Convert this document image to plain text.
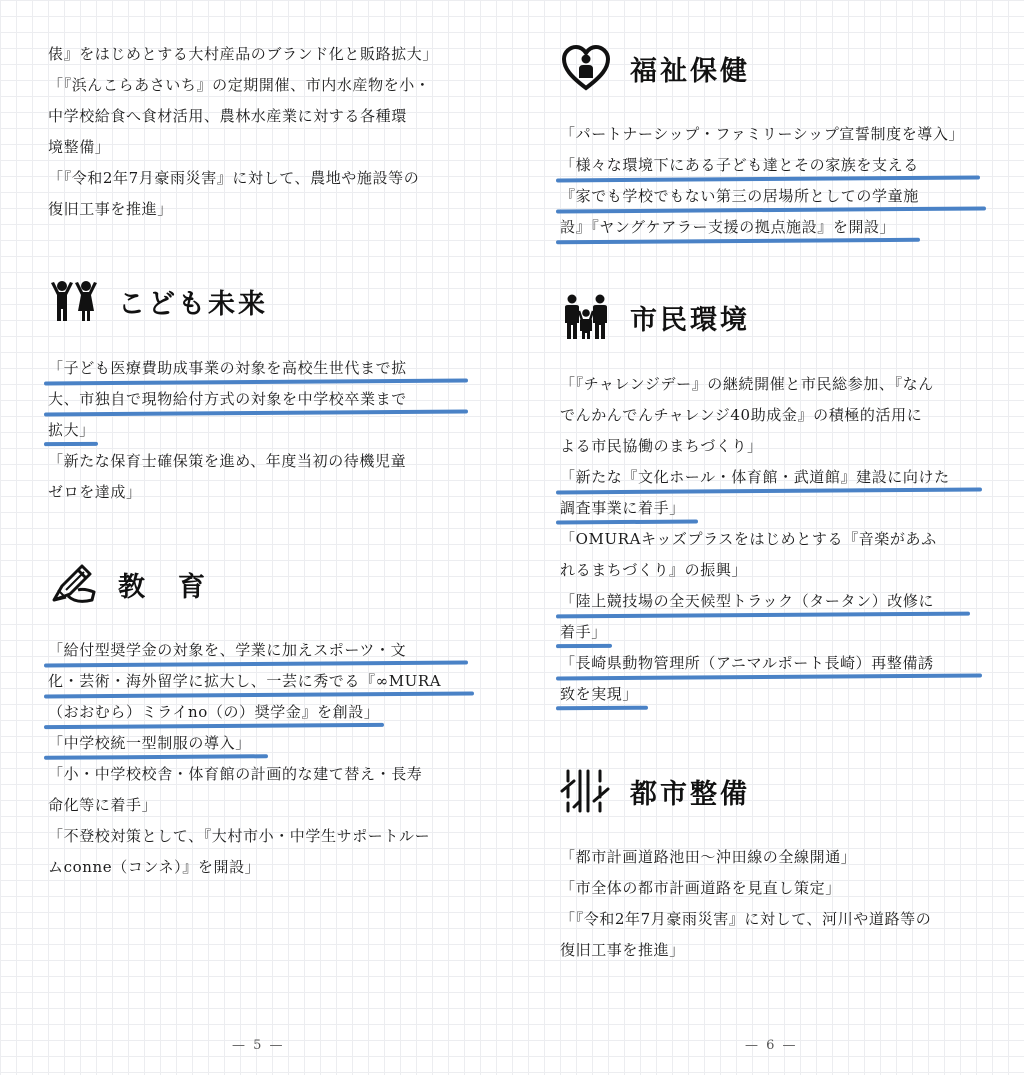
俵』をはじめとする大村産品のブランド化と販路拡大」
「『浜んこらあさいち』の定期開催、市内水産物を小・
中学校給食へ食材活用、農林水産業に対する各種環
境整備」
「『令和2年7月豪雨災害』に対して、農地や施設等の
復旧工事を推進」
こども未来
「子ども医療費助成事業の対象を高校生世代まで拡
大、市独自で現物給付方式の対象を中学校卒業まで
拡大」
「新たな保育士確保策を進め、年度当初の待機児童
ゼロを達成」
教　育
「給付型奨学金の対象を、学業に加えスポーツ・文
化・芸術・海外留学に拡大し、一芸に秀でる『∞MURA
（おおむら）ミライno（の）奨学金』を創設」
「中学校統一型制服の導入」
「小・中学校校舎・体育館の計画的な建て替え・長寿
命化等に着手」
「不登校対策として、『大村市小・中学生サポートルー
ムconne（コンネ）』を開設」
福祉保健
「パートナーシップ・ファミリーシップ宣誓制度を導入」
「様々な環境下にある子ども達とその家族を支える
『家でも学校でもない第三の居場所としての学童施
設』『ヤングケアラー支援の拠点施設』を開設」
市民環境
「『チャレンジデー』の継続開催と市民総参加、『なん
でんかんでんチャレンジ40助成金』の積極的活用に
よる市民協働のまちづくり」
「新たな『文化ホール・体育館・武道館』建設に向けた
調査事業に着手」
「OMURAキッズプラスをはじめとする『音楽があふ
れるまちづくり』の振興」
「陸上競技場の全天候型トラック（タータン）改修に
着手」
「長崎県動物管理所（アニマルポート長崎）再整備誘
致を実現」
都市整備
「都市計画道路池田〜沖田線の全線開通」
「市全体の都市計画道路を見直し策定」
「『令和2年7月豪雨災害』に対して、河川や道路等の
復旧工事を推進」
— 5 —	— 6 —
